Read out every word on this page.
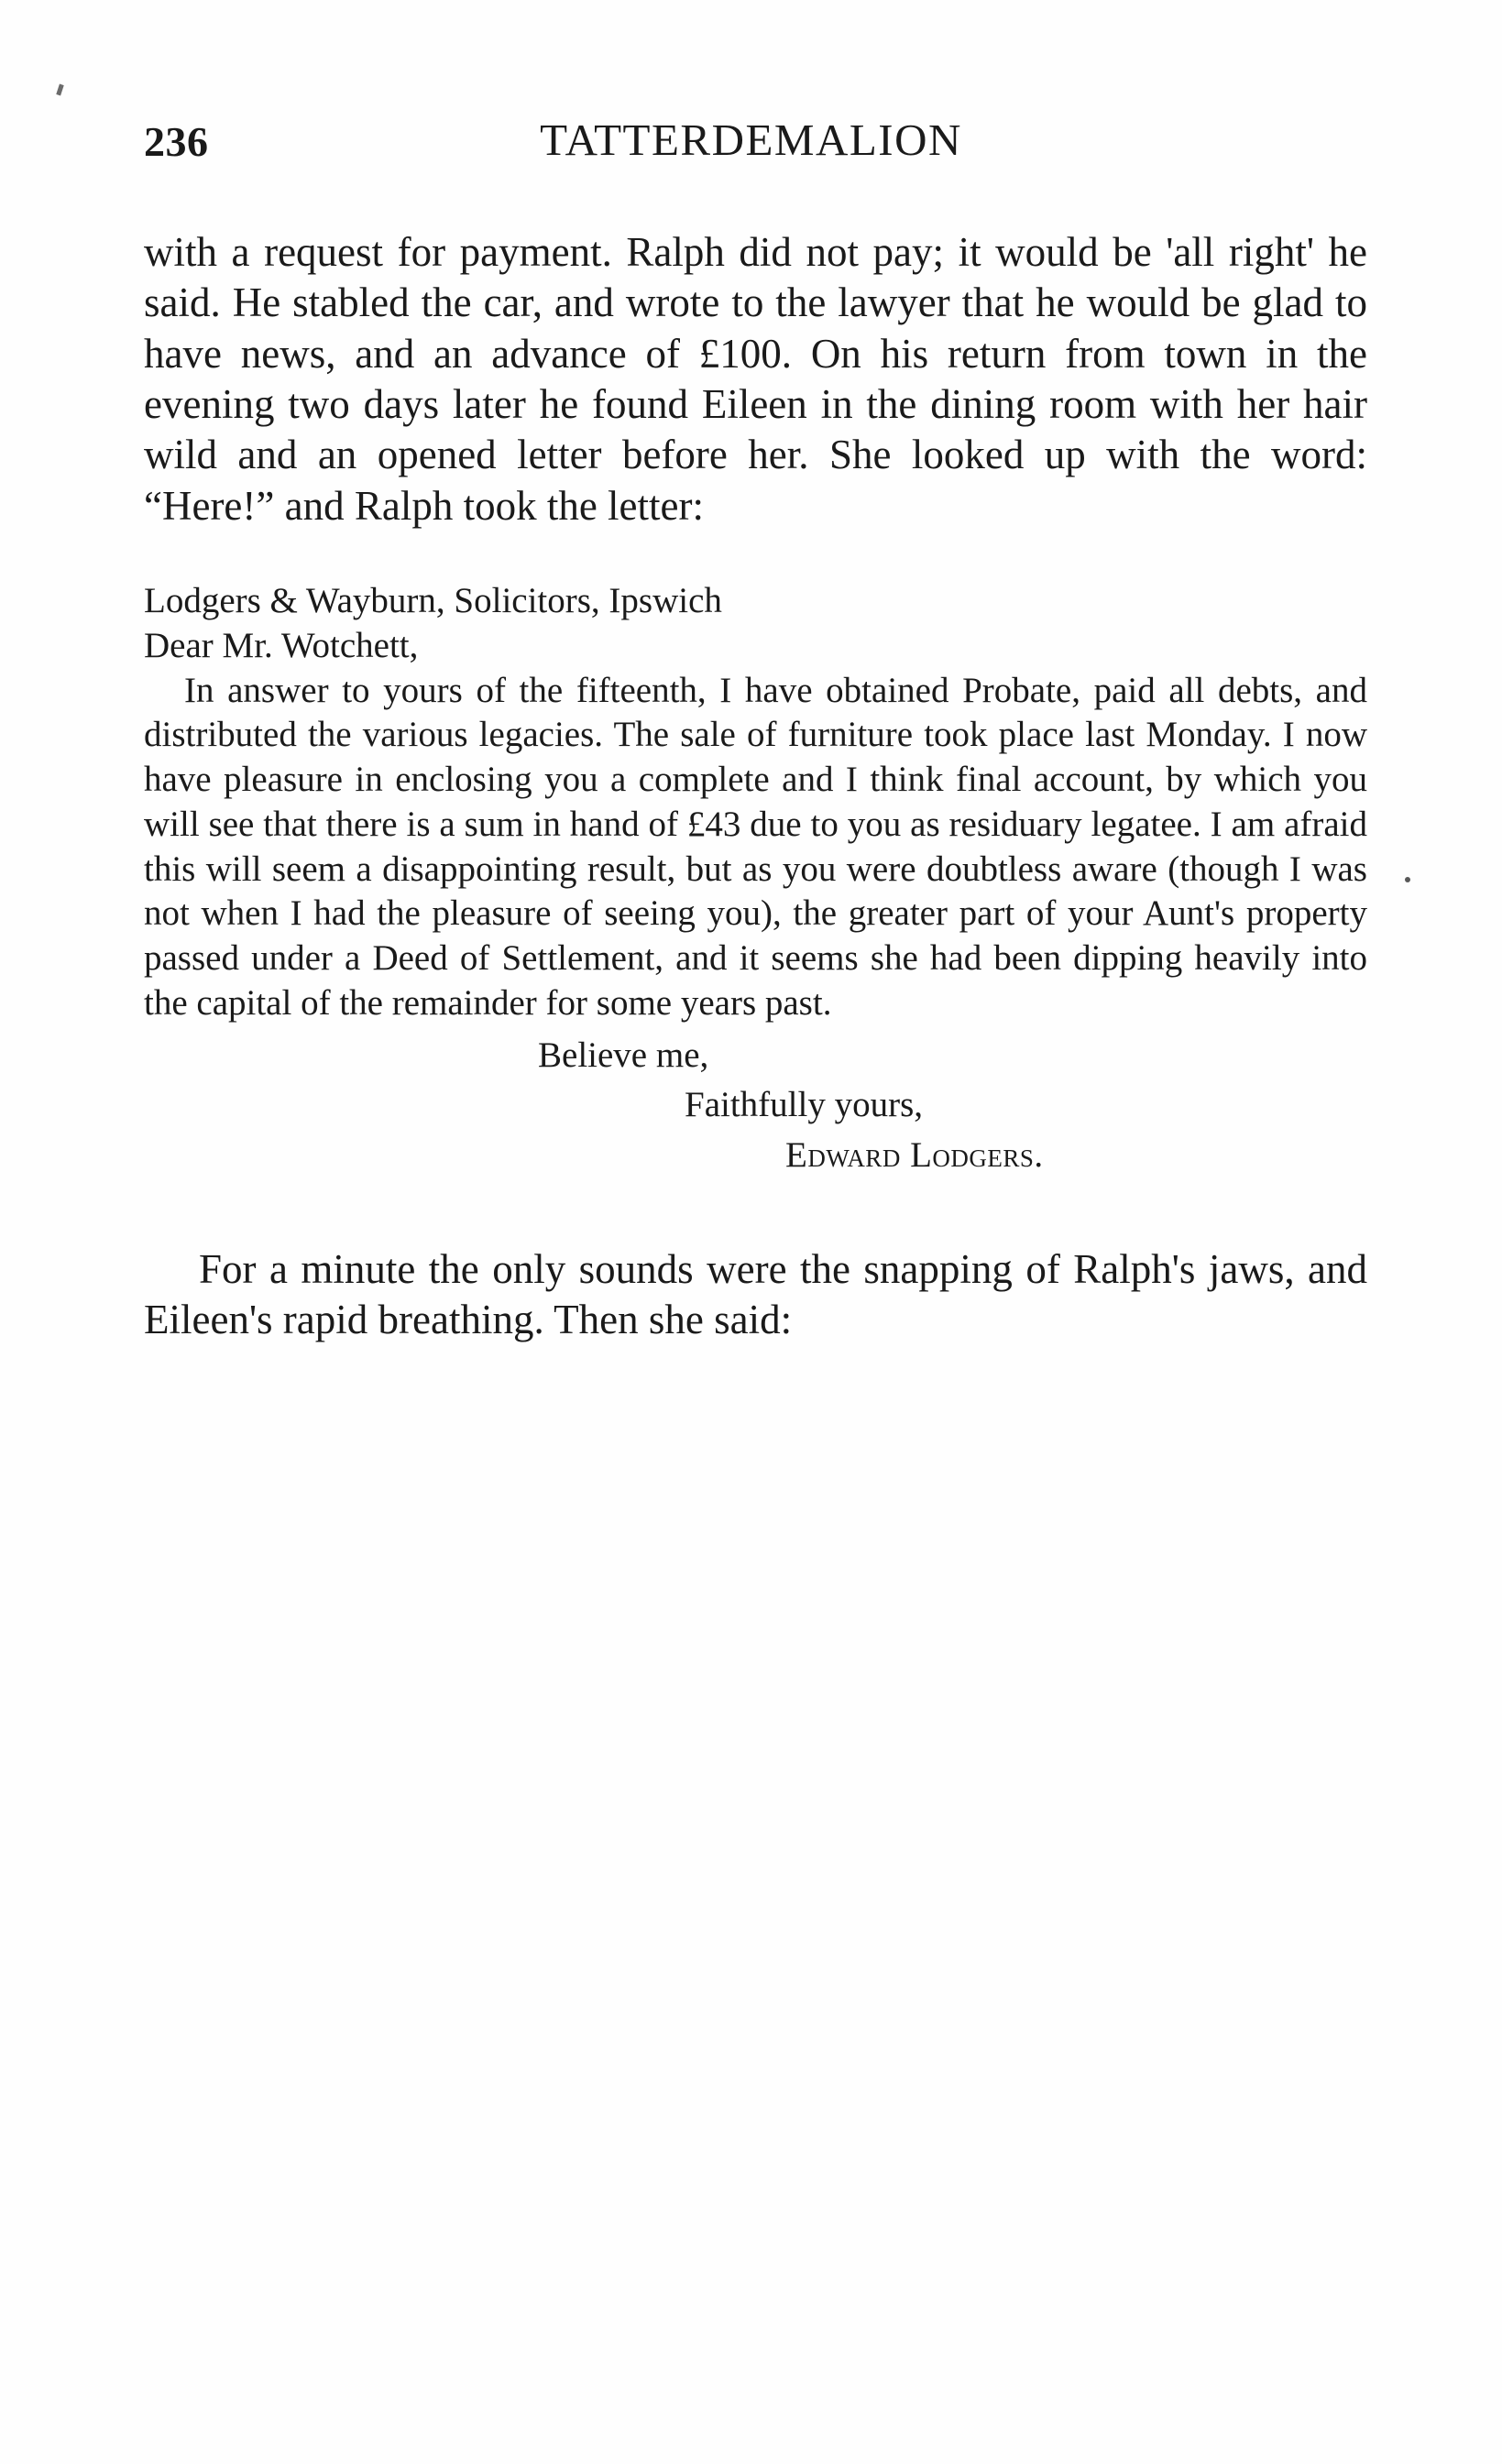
236	TATTERDEMALION

with a request for payment. Ralph did not pay; it would be 'all right' he said. He stabled the car, and wrote to the lawyer that he would be glad to have news, and an advance of £100. On his return from town in the evening two days later he found Eileen in the dining room with her hair wild and an opened letter before her. She looked up with the word: “Here!” and Ralph took the letter:

Lodgers & Wayburn, Solicitors, Ipswich

Dear Mr. Wotchett,

In answer to yours of the fifteenth, I have obtained Probate, paid all debts, and distributed the various legacies. The sale of furniture took place last Monday. I now have pleasure in enclosing you a complete and I think final account, by which you will see that there is a sum in hand of £43 due to you as residuary legatee. I am afraid this will seem a disappointing result, but as you were doubtless aware (though I was not when I had the pleasure of seeing you), the greater part of your Aunt's property passed under a Deed of Settlement, and it seems she had been dipping heavily into the capital of the remainder for some years past.

Believe me,

Faithfully yours,

Edward Lodgers.

For a minute the only sounds were the snapping of Ralph's jaws, and Eileen's rapid breathing. Then she said:
